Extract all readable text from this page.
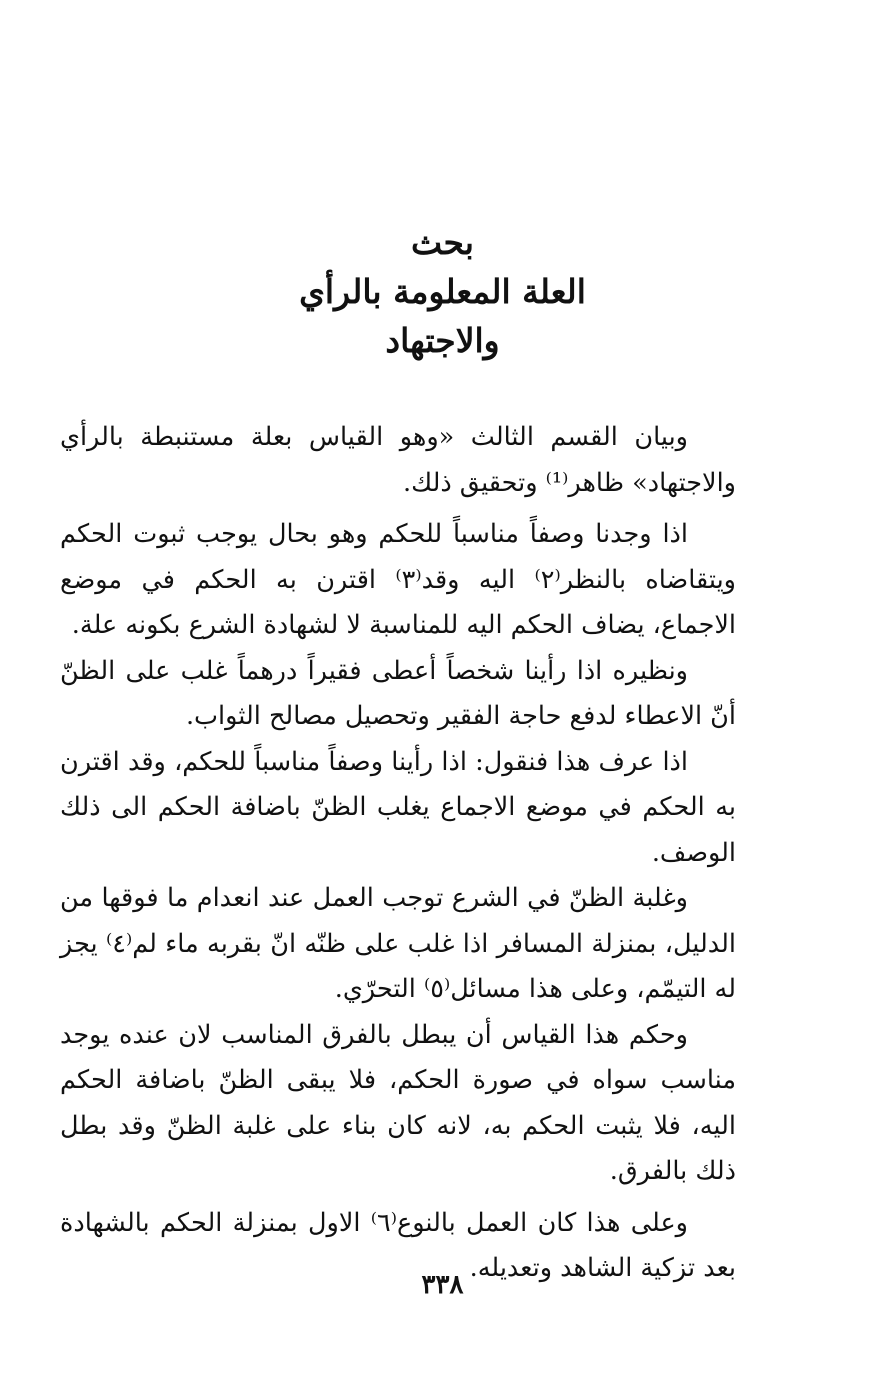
بحث
العلة المعلومة بالرأي
والاجتهاد

وبيان القسم الثالث «وهو القياس بعلة مستنبطة بالرأي والاجتهاد» ظاهر⁽¹⁾ وتحقيق ذلك.

اذا وجدنا وصفاً مناسباً للحكم وهو بحال يوجب ثبوت الحكم ويتقاضاه بالنظر⁽٢⁾ اليه وقد⁽٣⁾ اقترن به الحكم في موضع الاجماع، يضاف الحكم اليه للمناسبة لا لشهادة الشرع بكونه علة.

ونظيره اذا رأينا شخصاً أعطى فقيراً درهماً غلب على الظنّ أنّ الاعطاء لدفع حاجة الفقير وتحصيل مصالح الثواب.

اذا عرف هذا فنقول: اذا رأينا وصفاً مناسباً للحكم، وقد اقترن به الحكم في موضع الاجماع يغلب الظنّ باضافة الحكم الى ذلك الوصف.

وغلبة الظنّ في الشرع توجب العمل عند انعدام ما فوقها من الدليل، بمنزلة المسافر اذا غلب على ظنّه انّ بقربه ماء لم⁽٤⁾ يجز له التيمّم، وعلى هذا مسائل⁽٥⁾ التحرّي.

وحكم هذا القياس أن يبطل بالفرق المناسب لان عنده يوجد مناسب سواه في صورة الحكم، فلا يبقى الظنّ باضافة الحكم اليه، فلا يثبت الحكم به، لانه كان بناء على غلبة الظنّ وقد بطل ذلك بالفرق.

وعلى هذا كان العمل بالنوع⁽٦⁾ الاول بمنزلة الحكم بالشهادة بعد تزكية الشاهد وتعديله.

٣٣٨
